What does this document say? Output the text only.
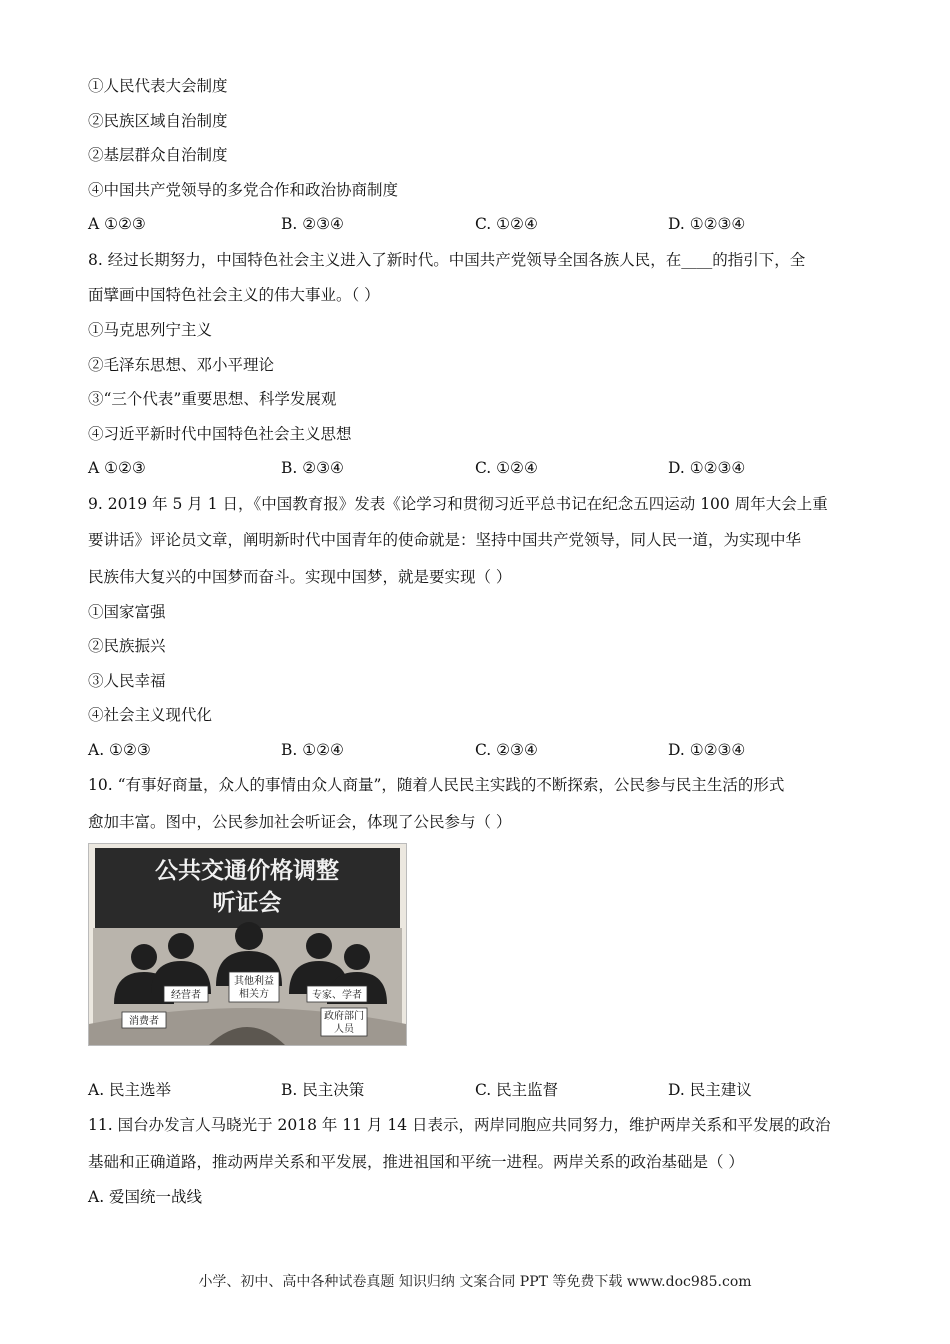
①人民代表大会制度
②民族区域自治制度
②基层群众自治制度
④中国共产党领导的多党合作和政治协商制度
A ①②③	B. ②③④	C. ①②④	D. ①②③④
8. 经过长期努力，中国特色社会主义进入了新时代。中国共产党领导全国各族人民，在____的指引下，全
面擘画中国特色社会主义的伟大事业。（ ）
①马克思列宁主义
②毛泽东思想、邓小平理论
③“三个代表”重要思想、科学发展观
④习近平新时代中国特色社会主义思想
A ①②③	B. ②③④	C. ①②④	D. ①②③④
9. 2019 年 5 月 1 日，《中国教育报》发表《论学习和贯彻习近平总书记在纪念五四运动 100 周年大会上重
要讲话》评论员文章，阐明新时代中国青年的使命就是：坚持中国共产党领导，同人民一道，为实现中华
民族伟大复兴的中国梦而奋斗。实现中国梦，就是要实现（ ）
①国家富强
②民族振兴
③人民幸福
④社会主义现代化
A. ①②③	B. ①②④	C. ②③④	D. ①②③④
10. “有事好商量，众人的事情由众人商量”，随着人民民主实践的不断探索，公民参与民主生活的形式
愈加丰富。图中，公民参加社会听证会，体现了公民参与（ ）
公共交通价格调整
听证会
消费者
经营者
其他利益
相关方	专家、学者
政府部门
人员
A. 民主选举	B. 民主决策	C. 民主监督	D. 民主建议
11. 国台办发言人马晓光于 2018 年 11 月 14 日表示，两岸同胞应共同努力，维护两岸关系和平发展的政治
基础和正确道路，推动两岸关系和平发展，推进祖国和平统一进程。两岸关系的政治基础是（ ）
A. 爱国统一战线
小学、初中、高中各种试卷真题 知识归纳 文案合同 PPT 等免费下载 www.doc985.com
